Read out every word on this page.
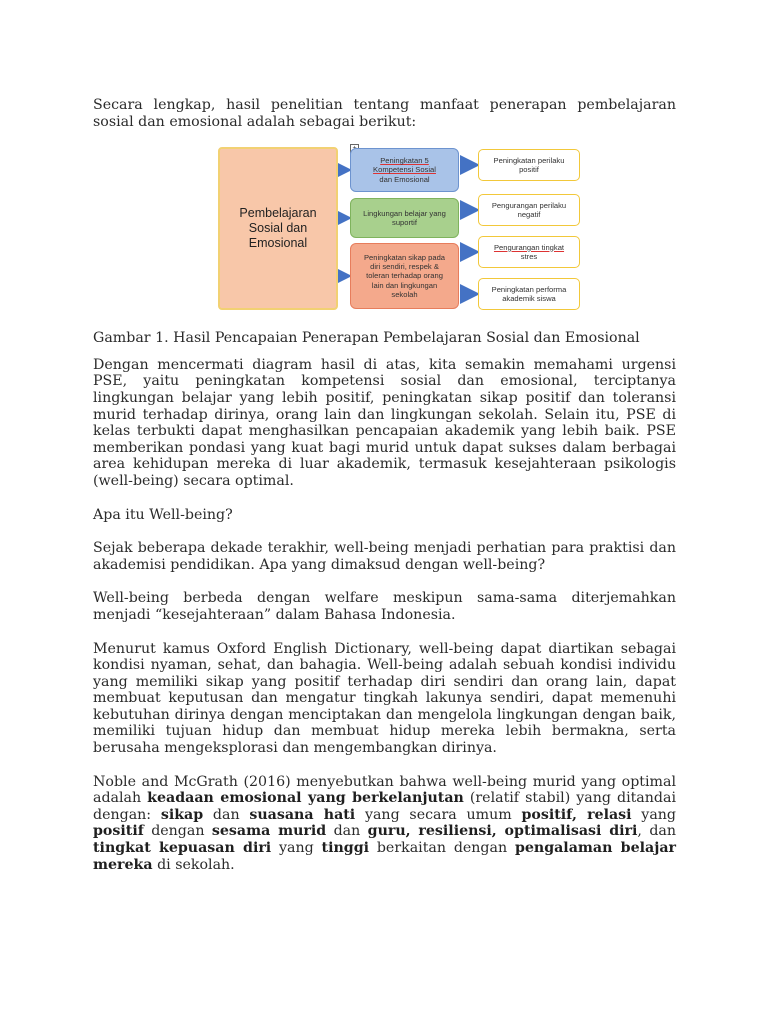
Secara lengkap, hasil penelitian tentang manfaat penerapan pembelajaran sosial dan emosional adalah sebagai berikut:

Pembelajaran
Sosial dan
Emosional
Peningkatan 5
Kompetensi Sosial
dan Emosional
Lingkungan belajar yang
suportif
Peningkatan sikap pada
diri sendiri, respek &
toleran terhadap orang
lain dan lingkungan
sekolah
Peningkatan perilaku
positif
Pengurangan perilaku
negatif
Pengurangan tingkat
stres
Peningkatan performa
akademik siswa

Gambar 1. Hasil Pencapaian Penerapan Pembelajaran Sosial dan Emosional

Dengan mencermati diagram hasil di atas, kita semakin memahami urgensi PSE, yaitu peningkatan kompetensi sosial dan emosional, terciptanya lingkungan belajar yang lebih positif, peningkatan sikap positif dan toleransi murid terhadap dirinya, orang lain dan lingkungan sekolah. Selain itu, PSE di kelas terbukti dapat menghasilkan pencapaian akademik yang lebih baik. PSE memberikan pondasi yang kuat bagi murid untuk dapat sukses dalam berbagai area kehidupan mereka di luar akademik, termasuk kesejahteraan psikologis (well-being) secara optimal.

Apa itu Well-being?

Sejak beberapa dekade terakhir, well-being menjadi perhatian para praktisi dan akademisi pendidikan. Apa yang dimaksud dengan well-being?

Well-being berbeda dengan welfare meskipun sama-sama diterjemahkan menjadi “kesejahteraan” dalam Bahasa Indonesia.

Menurut kamus Oxford English Dictionary, well-being dapat diartikan sebagai kondisi nyaman, sehat, dan bahagia. Well-being adalah sebuah kondisi individu yang memiliki sikap yang positif terhadap diri sendiri dan orang lain, dapat membuat keputusan dan mengatur tingkah lakunya sendiri, dapat memenuhi kebutuhan dirinya dengan menciptakan dan mengelola lingkungan dengan baik, memiliki tujuan hidup dan membuat hidup mereka lebih bermakna, serta berusaha mengeksplorasi dan mengembangkan dirinya.

Noble and McGrath (2016) menyebutkan bahwa well-being murid yang optimal adalah keadaan emosional yang berkelanjutan (relatif stabil) yang ditandai dengan: sikap dan suasana hati yang secara umum positif, relasi yang positif dengan sesama murid dan guru, resiliensi, optimalisasi diri, dan tingkat kepuasan diri yang tinggi berkaitan dengan pengalaman belajar mereka di sekolah.
